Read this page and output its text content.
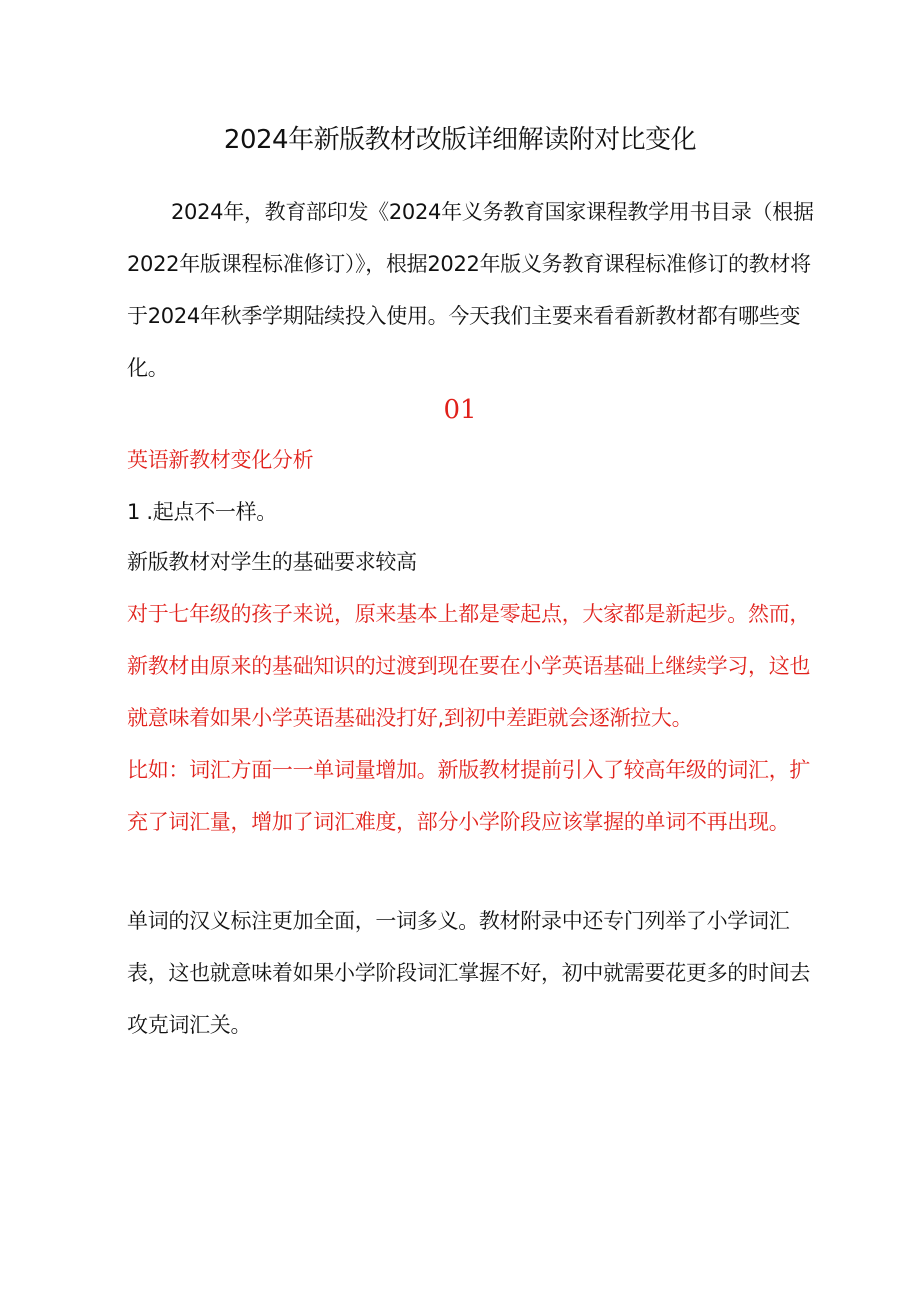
2024年新版教材改版详细解读附对比变化

2024年，教育部印发《2024年义务教育国家课程教学用书目录（根据2022年版课程标准修订）》，根据2022年版义务教育课程标准修订的教材将于2024年秋季学期陆续投入使用。今天我们主要来看看新教材都有哪些变化。

01
英语新教材变化分析
1 .起点不一样。
新版教材对学生的基础要求较高

对于七年级的孩子来说，原来基本上都是零起点，大家都是新起步。然而，新教材由原来的基础知识的过渡到现在要在小学英语基础上继续学习，这也就意味着如果小学英语基础没打好,到初中差距就会逐渐拉大。

比如：词汇方面一一单词量增加。新版教材提前引入了较高年级的词汇，扩充了词汇量，增加了词汇难度，部分小学阶段应该掌握的单词不再出现。

单词的汉义标注更加全面，一词多义。教材附录中还专门列举了小学词汇表，这也就意味着如果小学阶段词汇掌握不好，初中就需要花更多的时间去攻克词汇关。
